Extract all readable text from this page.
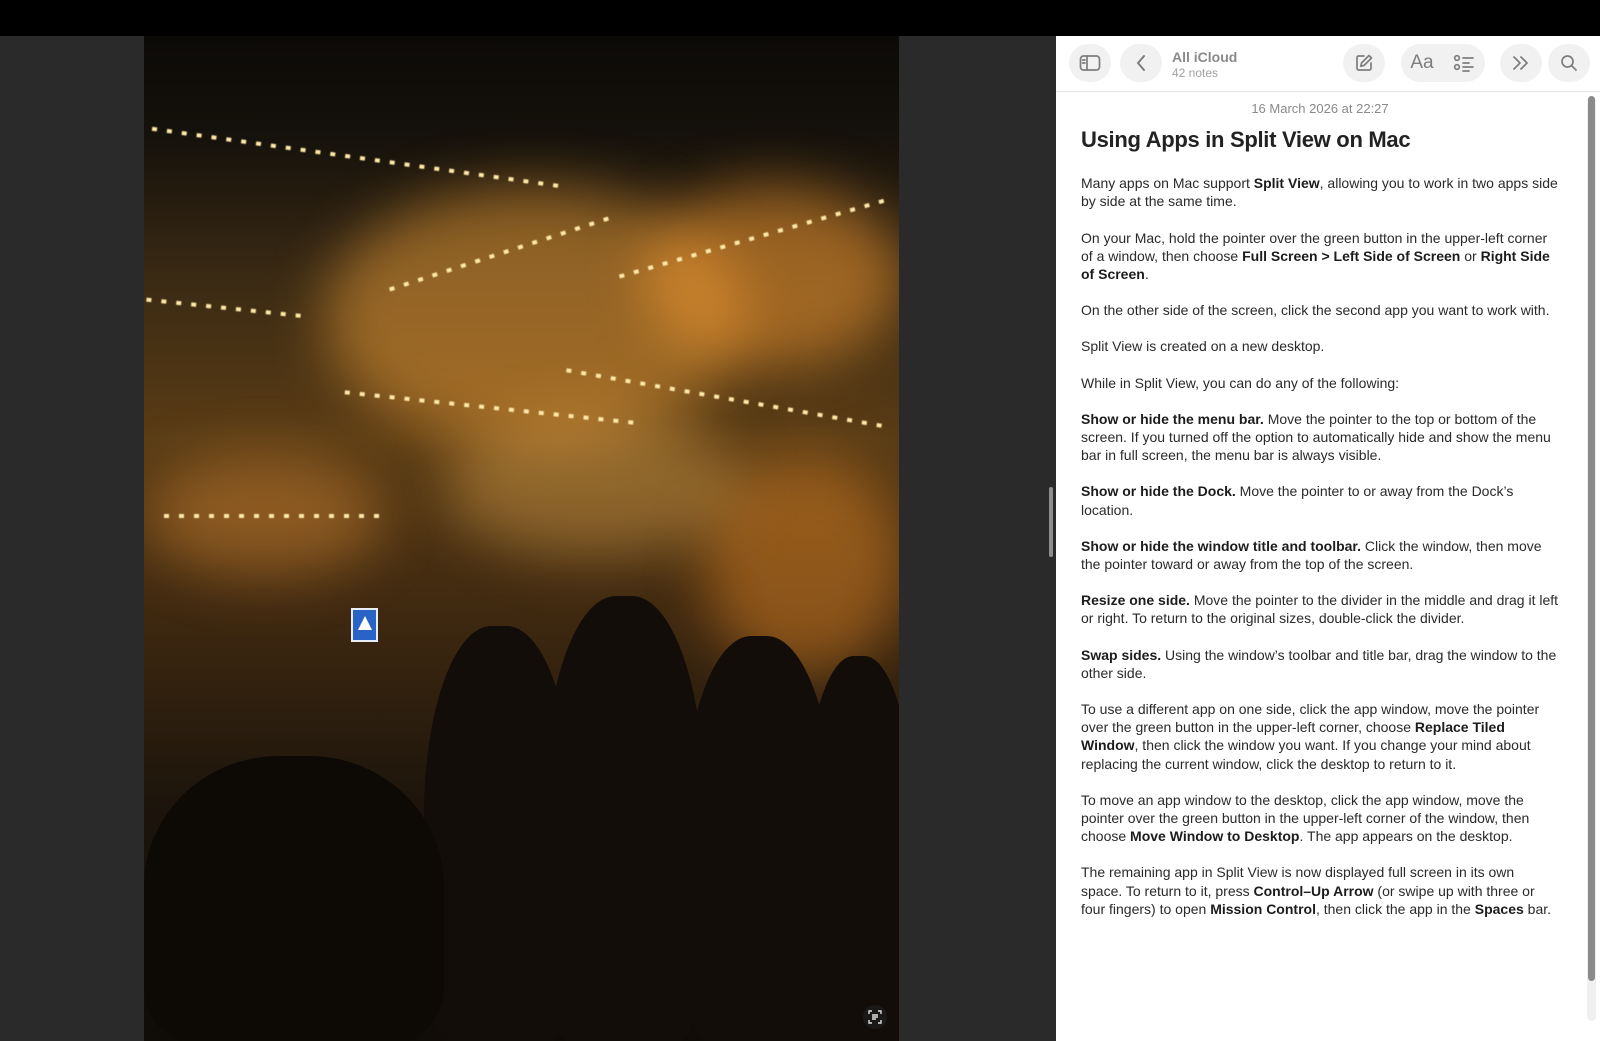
All iCloud
42 notes	Aa
16 March 2026 at 22:27
Using Apps in Split View on Mac

Many apps on Mac support Split View, allowing you to work in two apps side by side at the same time.

On your Mac, hold the pointer over the green button in the upper-left corner of a window, then choose Full Screen > Left Side of Screen or Right Side of Screen.

On the other side of the screen, click the second app you want to work with.

Split View is created on a new desktop.

While in Split View, you can do any of the following:

Show or hide the menu bar. Move the pointer to the top or bottom of the screen. If you turned off the option to automatically hide and show the menu bar in full screen, the menu bar is always visible.

Show or hide the Dock. Move the pointer to or away from the Dock’s location.

Show or hide the window title and toolbar. Click the window, then move the pointer toward or away from the top of the screen.

Resize one side. Move the pointer to the divider in the middle and drag it left or right. To return to the original sizes, double-click the divider.

Swap sides. Using the window’s toolbar and title bar, drag the window to the other side.

To use a different app on one side, click the app window, move the pointer over the green button in the upper-left corner, choose Replace Tiled Window, then click the window you want. If you change your mind about replacing the current window, click the desktop to return to it.

To move an app window to the desktop, click the app window, move the pointer over the green button in the upper-left corner of the window, then choose Move Window to Desktop. The app appears on the desktop.

The remaining app in Split View is now displayed full screen in its own space. To return to it, press Control–Up Arrow (or swipe up with three or four fingers) to open Mission Control, then click the app in the Spaces bar.
